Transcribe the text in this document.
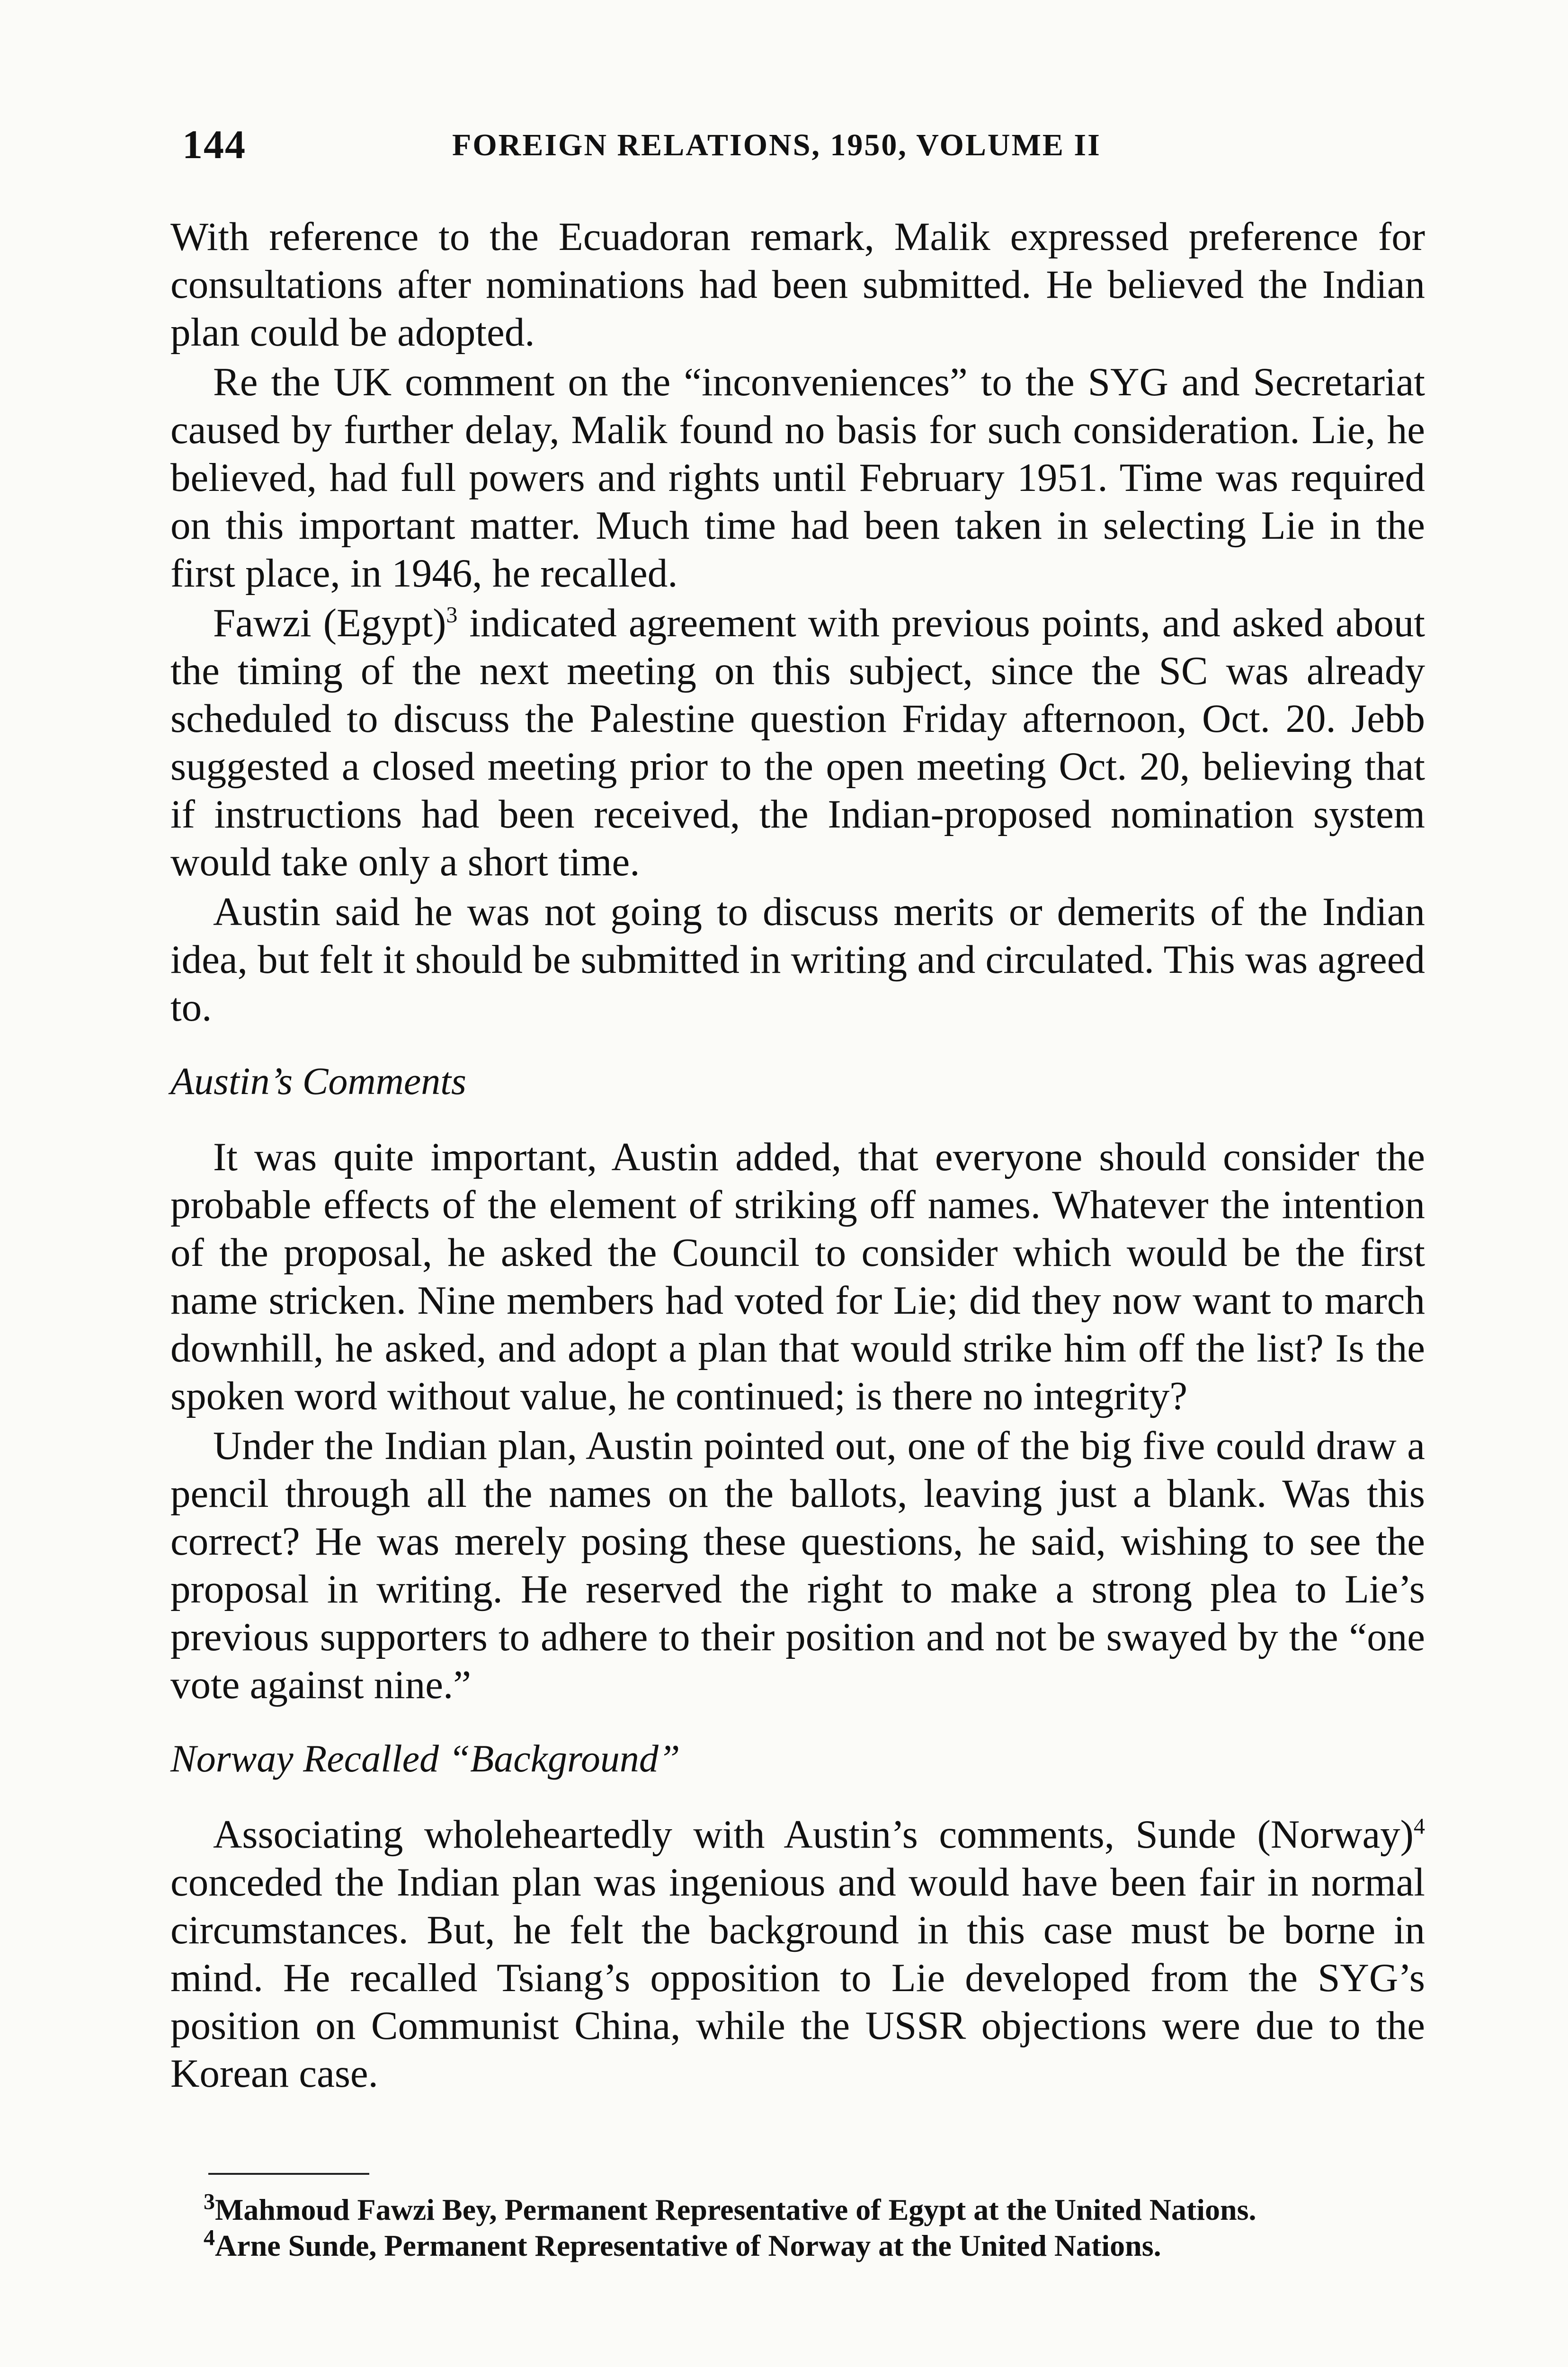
144	FOREIGN RELATIONS, 1950, VOLUME II

With reference to the Ecuadoran remark, Malik expressed preference for consultations after nominations had been submitted. He believed the Indian plan could be adopted.

Re the UK comment on the “inconveniences” to the SYG and Secretariat caused by further delay, Malik found no basis for such consideration. Lie, he believed, had full powers and rights until February 1951. Time was required on this important matter. Much time had been taken in selecting Lie in the first place, in 1946, he recalled.

Fawzi (Egypt)$^3$ indicated agreement with previous points, and asked about the timing of the next meeting on this subject, since the SC was already scheduled to discuss the Palestine question Friday afternoon, Oct. 20. Jebb suggested a closed meeting prior to the open meeting Oct. 20, believing that if instructions had been received, the Indian-proposed nomination system would take only a short time.

Austin said he was not going to discuss merits or demerits of the Indian idea, but felt it should be submitted in writing and circulated. This was agreed to.

Austin’s Comments

It was quite important, Austin added, that everyone should consider the probable effects of the element of striking off names. Whatever the intention of the proposal, he asked the Council to consider which would be the first name stricken. Nine members had voted for Lie; did they now want to march downhill, he asked, and adopt a plan that would strike him off the list? Is the spoken word without value, he continued; is there no integrity?

Under the Indian plan, Austin pointed out, one of the big five could draw a pencil through all the names on the ballots, leaving just a blank. Was this correct? He was merely posing these questions, he said, wishing to see the proposal in writing. He reserved the right to make a strong plea to Lie’s previous supporters to adhere to their position and not be swayed by the “one vote against nine.”

Norway Recalled “Background”

Associating wholeheartedly with Austin’s comments, Sunde (Norway)$^4$ conceded the Indian plan was ingenious and would have been fair in normal circumstances. But, he felt the background in this case must be borne in mind. He recalled Tsiang’s opposition to Lie developed from the SYG’s position on Communist China, while the USSR objections were due to the Korean case.

$^3$Mahmoud Fawzi Bey, Permanent Representative of Egypt at the United Nations.

$^4$Arne Sunde, Permanent Representative of Norway at the United Nations.
